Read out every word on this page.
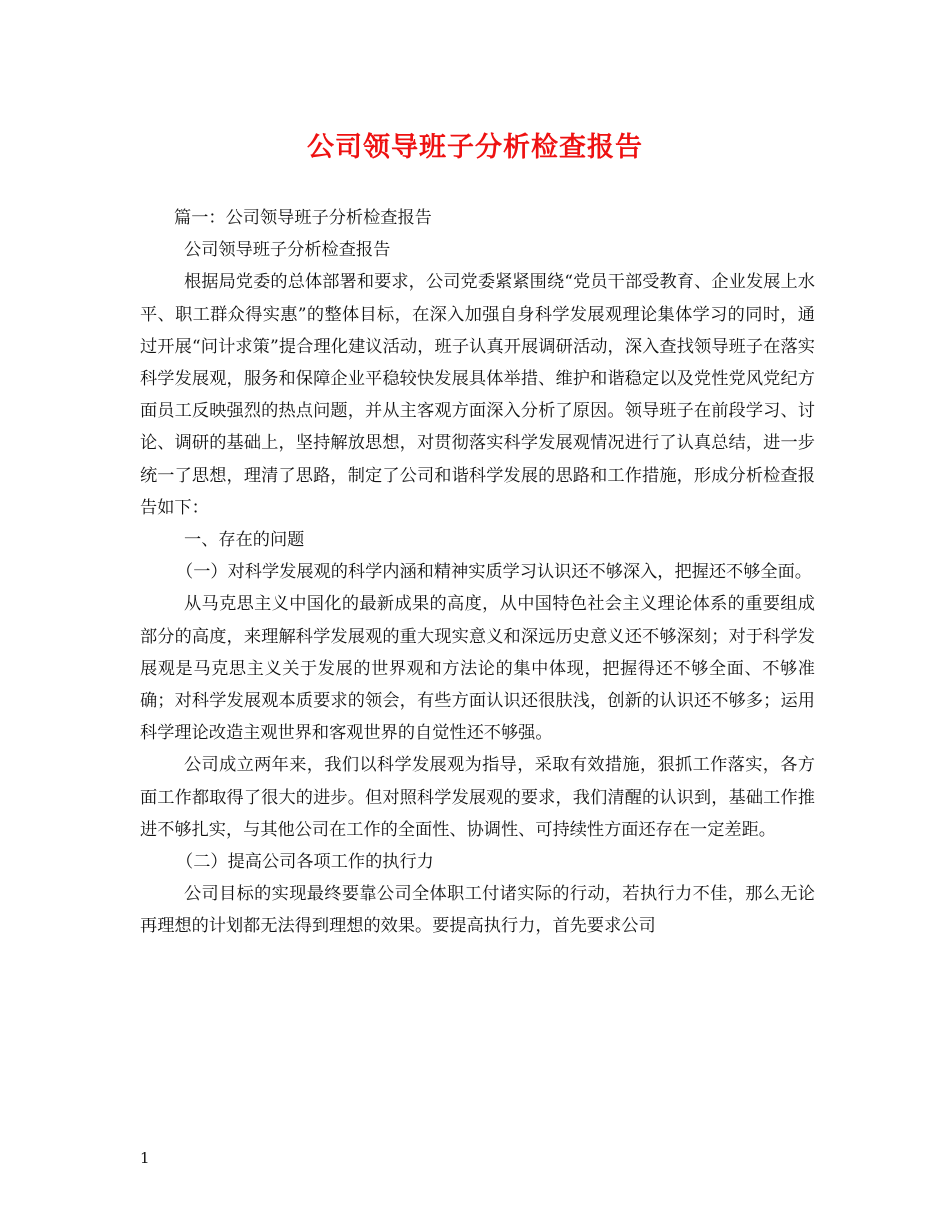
公司领导班子分析检查报告

篇一：公司领导班子分析检查报告

公司领导班子分析检查报告

根据局党委的总体部署和要求，公司党委紧紧围绕“党员干部受教育、企业发展上水平、职工群众得实惠”的整体目标，在深入加强自身科学发展观理论集体学习的同时，通过开展“问计求策”提合理化建议活动，班子认真开展调研活动，深入查找领导班子在落实科学发展观，服务和保障企业平稳较快发展具体举措、维护和谐稳定以及党性党风党纪方面员工反映强烈的热点问题，并从主客观方面深入分析了原因。领导班子在前段学习、讨论、调研的基础上，坚持解放思想，对贯彻落实科学发展观情况进行了认真总结，进一步统一了思想，理清了思路，制定了公司和谐科学发展的思路和工作措施，形成分析检查报告如下：

一、存在的问题

（一）对科学发展观的科学内涵和精神实质学习认识还不够深入，把握还不够全面。

从马克思主义中国化的最新成果的高度，从中国特色社会主义理论体系的重要组成部分的高度，来理解科学发展观的重大现实意义和深远历史意义还不够深刻；对于科学发展观是马克思主义关于发展的世界观和方法论的集中体现，把握得还不够全面、不够准确；对科学发展观本质要求的领会，有些方面认识还很肤浅，创新的认识还不够多；运用科学理论改造主观世界和客观世界的自觉性还不够强。

公司成立两年来，我们以科学发展观为指导，采取有效措施，狠抓工作落实，各方面工作都取得了很大的进步。但对照科学发展观的要求，我们清醒的认识到，基础工作推进不够扎实，与其他公司在工作的全面性、协调性、可持续性方面还存在一定差距。

（二）提高公司各项工作的执行力

公司目标的实现最终要靠公司全体职工付诸实际的行动，若执行力不佳，那么无论再理想的计划都无法得到理想的效果。要提高执行力，首先要求公司

1
